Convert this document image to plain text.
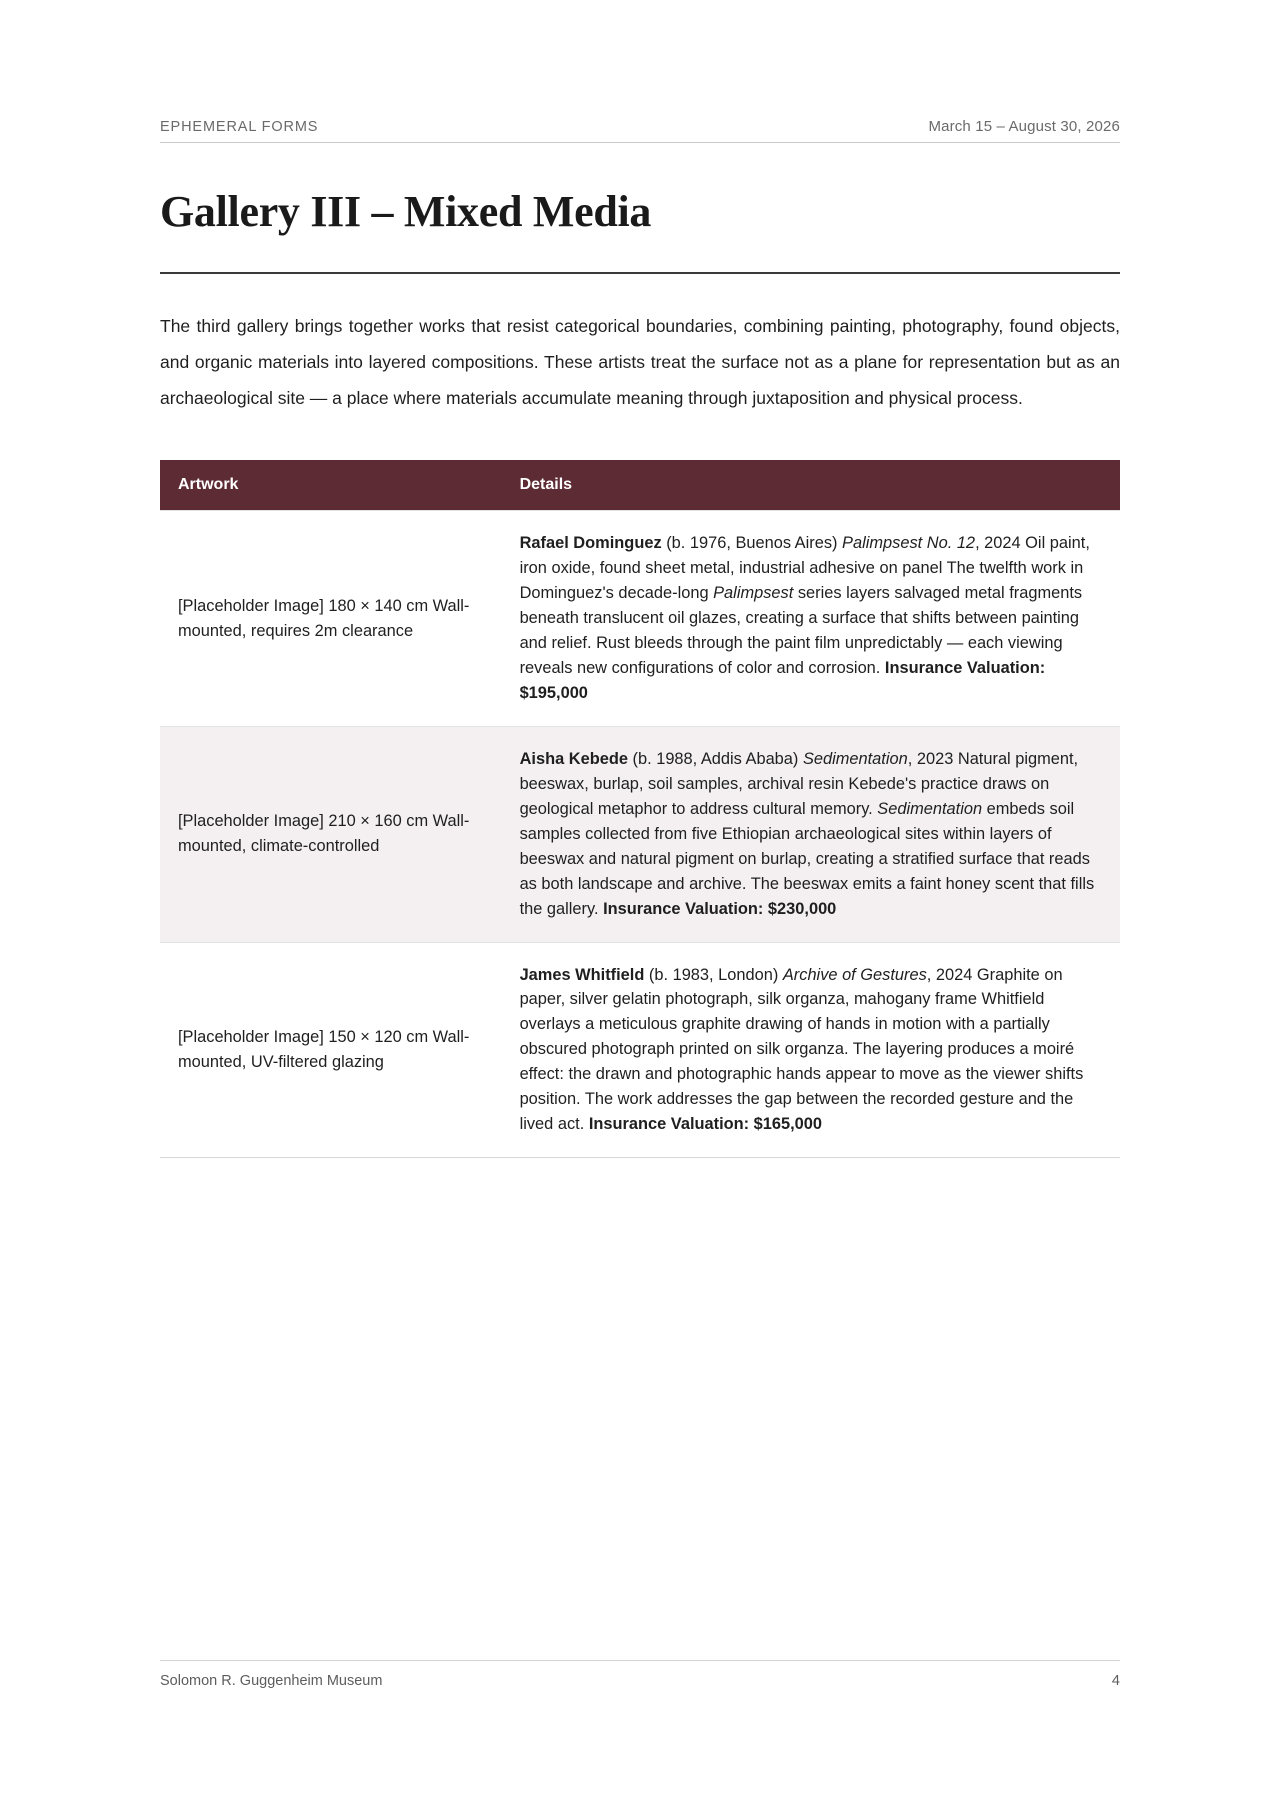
EPHEMERAL FORMS	March 15 – August 30, 2026
Gallery III – Mixed Media

The third gallery brings together works that resist categorical boundaries, combining painting, photography, found objects, and organic materials into layered compositions. These artists treat the surface not as a plane for representation but as an archaeological site — a place where materials accumulate meaning through juxtaposition and physical process.

Artwork	Details
[Placeholder Image] 180 × 140 cm Wall-mounted, requires 2m clearance	Rafael Dominguez (b. 1976, Buenos Aires) Palimpsest No. 12, 2024 Oil paint, iron oxide, found sheet metal, industrial adhesive on panel The twelfth work in Dominguez's decade-long Palimpsest series layers salvaged metal fragments beneath translucent oil glazes, creating a surface that shifts between painting and relief. Rust bleeds through the paint film unpredictably — each viewing reveals new configurations of color and corrosion. Insurance Valuation: $195,000
[Placeholder Image] 210 × 160 cm Wall-mounted, climate-controlled	Aisha Kebede (b. 1988, Addis Ababa) Sedimentation, 2023 Natural pigment, beeswax, burlap, soil samples, archival resin Kebede's practice draws on geological metaphor to address cultural memory. Sedimentation embeds soil samples collected from five Ethiopian archaeological sites within layers of beeswax and natural pigment on burlap, creating a stratified surface that reads as both landscape and archive. The beeswax emits a faint honey scent that fills the gallery. Insurance Valuation: $230,000
[Placeholder Image] 150 × 120 cm Wall-mounted, UV-filtered glazing	James Whitfield (b. 1983, London) Archive of Gestures, 2024 Graphite on paper, silver gelatin photograph, silk organza, mahogany frame Whitfield overlays a meticulous graphite drawing of hands in motion with a partially obscured photograph printed on silk organza. The layering produces a moiré effect: the drawn and photographic hands appear to move as the viewer shifts position. The work addresses the gap between the recorded gesture and the lived act. Insurance Valuation: $165,000
Solomon R. Guggenheim Museum	4
